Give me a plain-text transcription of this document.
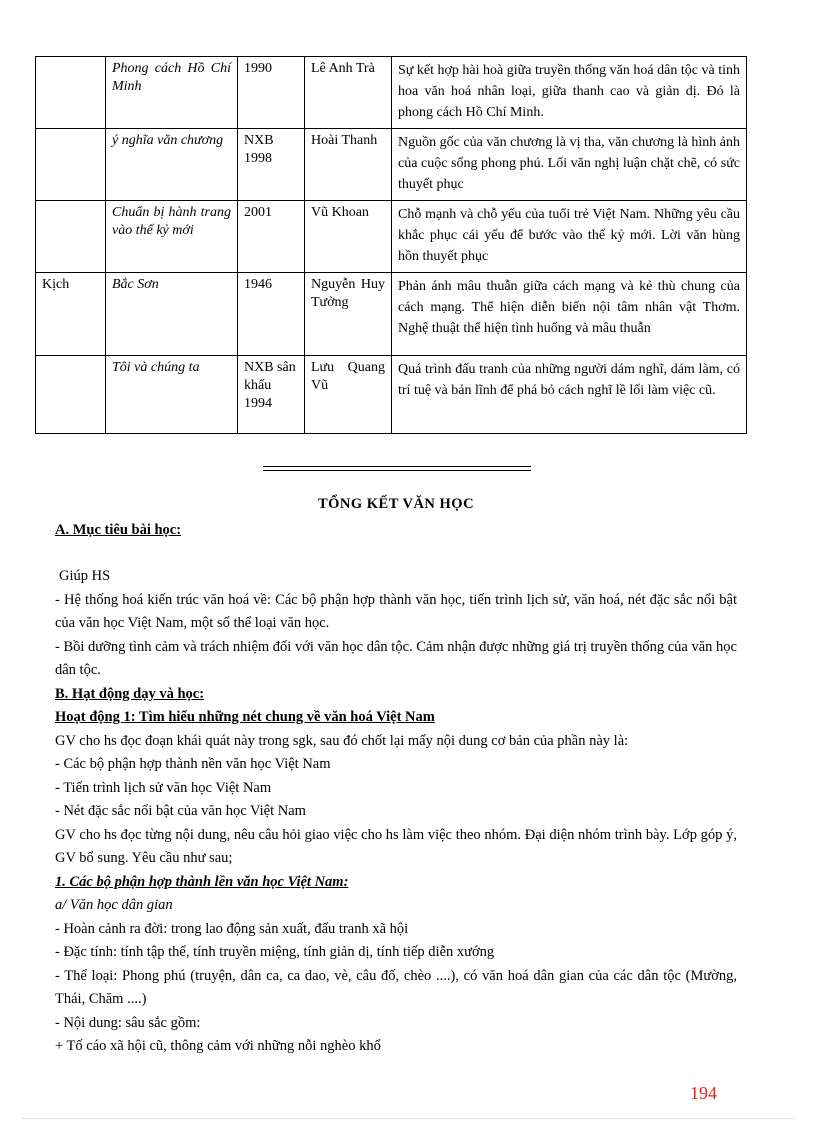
	Phong cách Hồ Chí Minh	1990	Lê Anh Trà	Sự kết hợp hài hoà giữa truyền thống văn hoá dân tộc và tinh hoa văn hoá nhân loại, giữa thanh cao và giản dị. Đó là phong cách Hồ Chí Minh.
	ý nghĩa văn chương	NXB 1998	Hoài Thanh	Nguồn gốc của văn chương là vị tha, văn chương là hình ảnh của cuộc sống phong phú. Lối văn nghị luận chặt chẽ, có sức thuyết phục
	Chuẩn bị hành trang vào thế kỷ mới	2001	Vũ Khoan	Chỗ mạnh và chỗ yếu của tuổi trẻ Việt Nam. Những yêu cầu khắc phục cái yếu để bước vào thế kỷ mới. Lời văn hùng hồn thuyết phục
Kịch	Bắc Sơn	1946	Nguyễn Huy Tưởng	Phản ánh mâu thuẫn giữa cách mạng và kẻ thù chung của cách mạng. Thể hiện diễn biến nội tâm nhân vật Thơm. Nghệ thuật thể hiện tình huống và mâu thuẫn
	Tôi và chúng ta	NXB sân khấu 1994	Lưu Quang Vũ	Quá trình đấu tranh của những người dám nghĩ, dám làm, có trí tuệ và bản lĩnh để phá bỏ cách nghĩ lề lối làm việc cũ.

TỔNG KẾT VĂN HỌC

A. Mục tiêu bài học:

Giúp HS

- Hệ thống hoá kiến trúc văn hoá về: Các bộ phận hợp thành văn học, tiến trình lịch sử, văn hoá, nét đặc sắc nổi bật của văn học Việt Nam, một số thể loại văn học.

- Bồi dưỡng tình cảm và trách nhiệm đối với văn học dân tộc. Cảm nhận được những giá trị truyền thống của văn học dân tộc.

B. Hạt động dạy và học:

Hoạt động 1: Tìm hiểu những nét chung về văn hoá Việt Nam

GV cho hs đọc đoạn khái quát này trong sgk, sau đó chốt lại mấy nội dung cơ bản của phần này là:

- Các bộ phận hợp thành nền văn học Việt Nam

- Tiến trình lịch sử văn học Việt Nam

- Nét đặc sắc nổi bật của văn học Việt Nam

GV cho hs đọc từng nội dung, nêu câu hỏi giao việc cho hs làm việc theo nhóm. Đại diện nhóm trình bày. Lớp góp ý, GV bổ sung. Yêu cầu như sau;

1. Các bộ phận hợp thành lền văn học Việt Nam:

a/ Văn học dân gian

- Hoàn cảnh ra đời: trong lao động sản xuất, đấu tranh xã hội

- Đặc tính: tính tập thể, tính truyền miệng, tính giản dị, tính tiếp diễn xướng

- Thể loại: Phong phú (truyện, dân ca, ca dao, vè, câu đố, chèo ....), có văn hoá dân gian của các dân tộc (Mường, Thái, Chăm ....)

- Nội dung: sâu sắc gồm:

+ Tố cáo xã hội cũ, thông cảm với những nỗi nghèo khổ

194
